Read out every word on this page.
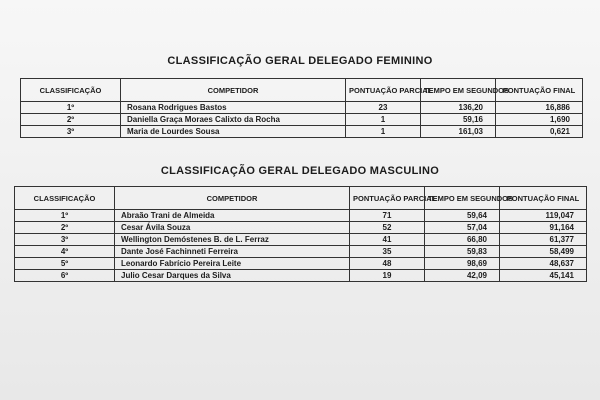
CLASSIFICAÇÃO GERAL DELEGADO FEMININO
CLASSIFICAÇÃO	COMPETIDOR	PONTUAÇÃO PARCIAL	TEMPO EM SEGUNDOS	PONTUAÇÃO FINAL
1º	Rosana Rodrigues Bastos	23	136,20	16,886
2º	Daniella Graça Moraes Calixto da Rocha	1	59,16	1,690
3º	Maria de Lourdes Sousa	1	161,03	0,621
CLASSIFICAÇÃO GERAL DELEGADO MASCULINO
CLASSIFICAÇÃO	COMPETIDOR	PONTUAÇÃO PARCIAL	TEMPO EM SEGUNDOS	PONTUAÇÃO FINAL
1º	Abraão Trani de Almeida	71	59,64	119,047
2º	Cesar Ávila Souza	52	57,04	91,164
3º	Wellington Demóstenes B. de L. Ferraz	41	66,80	61,377
4º	Dante José Fachinneti Ferreira	35	59,83	58,499
5º	Leonardo Fabrício Pereira Leite	48	98,69	48,637
6º	Julio Cesar Darques da Silva	19	42,09	45,141
